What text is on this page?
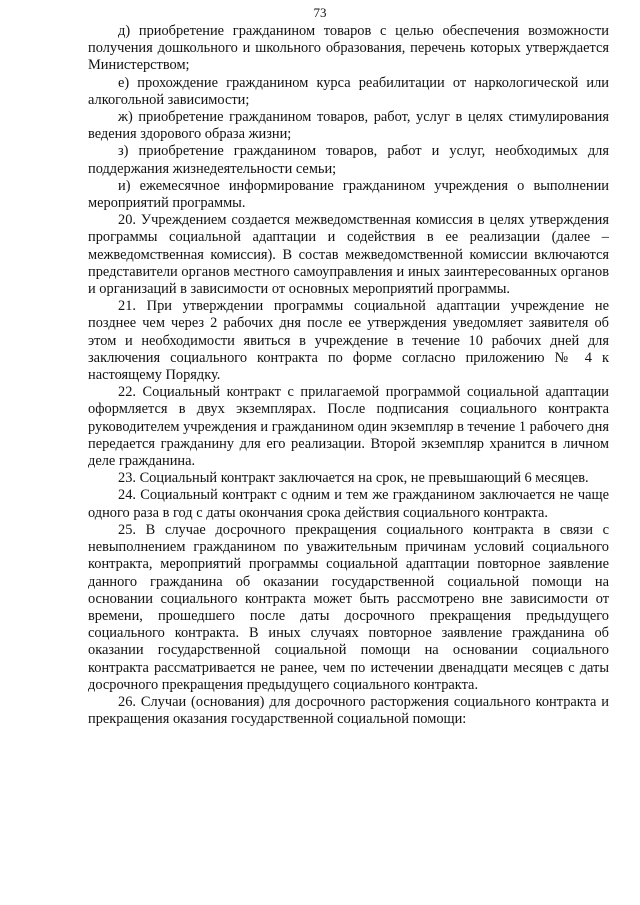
73

д) приобретение гражданином товаров с целью обеспечения возможности получения дошкольного и школьного образования, перечень которых утверждается Министерством;

е) прохождение гражданином курса реабилитации от наркологической или алкогольной зависимости;

ж) приобретение гражданином товаров, работ, услуг в целях стимулирования ведения здорового образа жизни;

з) приобретение гражданином товаров, работ и услуг, необходимых для поддержания жизнедеятельности семьи;

и) ежемесячное информирование гражданином учреждения о выполнении мероприятий программы.

20. Учреждением создается межведомственная комиссия в целях утверждения программы социальной адаптации и содействия в ее реализации (далее – межведомственная комиссия). В состав межведомственной комиссии включаются представители органов местного самоуправления и иных заинтересованных органов и организаций в зависимости от основных мероприятий программы.

21. При утверждении программы социальной адаптации учреждение не позднее чем через 2 рабочих дня после ее утверждения уведомляет заявителя об этом и необходимости явиться в учреждение в течение 10 рабочих дней для заключения социального контракта по форме согласно приложению № 4 к настоящему Порядку.

22. Социальный контракт с прилагаемой программой социальной адаптации оформляется в двух экземплярах. После подписания социального контракта руководителем учреждения и гражданином один экземпляр в течение 1 рабочего дня передается гражданину для его реализации. Второй экземпляр хранится в личном деле гражданина.

23. Социальный контракт заключается на срок, не превышающий 6 месяцев.

24. Социальный контракт с одним и тем же гражданином заключается не чаще одного раза в год с даты окончания срока действия социального контракта.

25. В случае досрочного прекращения социального контракта в связи с невыполнением гражданином по уважительным причинам условий социального контракта, мероприятий программы социальной адаптации повторное заявление данного гражданина об оказании государственной социальной помощи на основании социального контракта может быть рассмотрено вне зависимости от времени, прошедшего после даты досрочного прекращения предыдущего социального контракта. В иных случаях повторное заявление гражданина об оказании государственной социальной помощи на основании социального контракта рассматривается не ранее, чем по истечении двенадцати месяцев с даты досрочного прекращения предыдущего социального контракта.

26. Случаи (основания) для досрочного расторжения социального контракта и прекращения оказания государственной социальной помощи:
